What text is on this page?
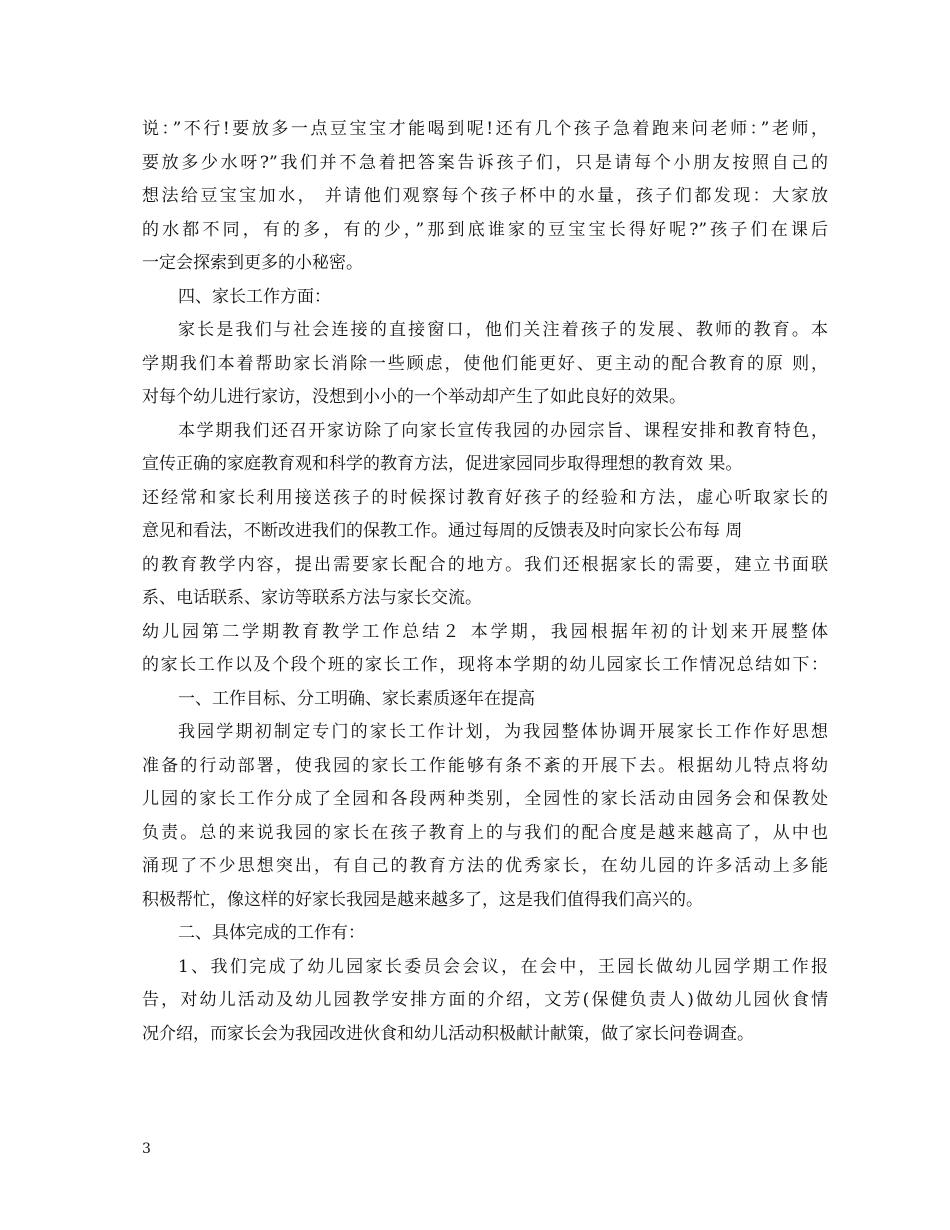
说：”不行!要放多一点豆宝宝才能喝到呢!还有几个孩子急着跑来问老师：”老师，
要放多少水呀?”我们并不急着把答案告诉孩子们，只是请每个小朋友按照自己的
想法给豆宝宝加水， 并请他们观察每个孩子杯中的水量，孩子们都发现：大家放
的水都不同，有的多，有的少，”那到底谁家的豆宝宝长得好呢?”孩子们在课后
一定会探索到更多的小秘密。
四、家长工作方面：
家长是我们与社会连接的直接窗口，他们关注着孩子的发展、教师的教育。本
学期我们本着帮助家长消除一些顾虑，使他们能更好、更主动的配合教育的原 则，
对每个幼儿进行家访，没想到小小的一个举动却产生了如此良好的效果。
本学期我们还召开家访除了向家长宣传我园的办园宗旨、课程安排和教育特色，
宣传正确的家庭教育观和科学的教育方法，促进家园同步取得理想的教育效 果。
还经常和家长利用接送孩子的时候探讨教育好孩子的经验和方法，虚心听取家长的
意见和看法，不断改进我们的保教工作。通过每周的反馈表及时向家长公布每 周
的教育教学内容，提出需要家长配合的地方。我们还根据家长的需要，建立书面联
系、电话联系、家访等联系方法与家长交流。
幼儿园第二学期教育教学工作总结２ 本学期，我园根据年初的计划来开展整体
的家长工作以及个段个班的家长工作，现将本学期的幼儿园家长工作情况总结如下：
一、工作目标、分工明确、家长素质逐年在提高
我园学期初制定专门的家长工作计划，为我园整体协调开展家长工作作好思想
准备的行动部署，使我园的家长工作能够有条不紊的开展下去。根据幼儿特点将幼
儿园的家长工作分成了全园和各段两种类别，全园性的家长活动由园务会和保教处
负责。总的来说我园的家长在孩子教育上的与我们的配合度是越来越高了，从中也
涌现了不少思想突出，有自己的教育方法的优秀家长，在幼儿园的许多活动上多能
积极帮忙，像这样的好家长我园是越来越多了，这是我们值得我们高兴的。
二、具体完成的工作有：
1、我们完成了幼儿园家长委员会会议，在会中，王园长做幼儿园学期工作报
告，对幼儿活动及幼儿园教学安排方面的介绍，文芳(保健负责人)做幼儿园伙食情
况介绍，而家长会为我园改进伙食和幼儿活动积极献计献策，做了家长问卷调查。
3
